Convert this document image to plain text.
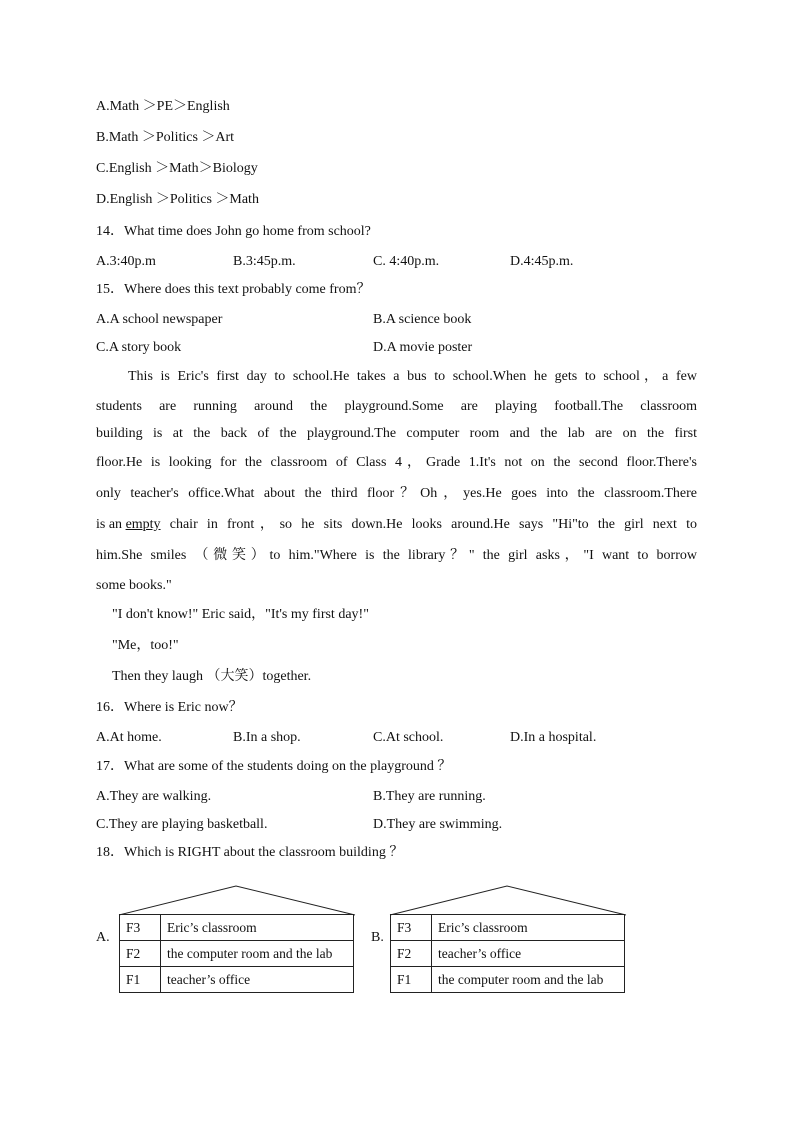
A.Math ＞PE＞English
B.Math ＞Politics ＞Art
C.English ＞Math＞Biology
D.English ＞Politics ＞Math
14．What time does John go home from school?
A.3:40p.m	B.3:45p.m.	C. 4:40p.m.	D.4:45p.m.
15．Where does this text probably come from？
A.A school newspaper	B.A science book
C.A story book	D.A movie poster
This is Eric's first day to school.He takes a bus to school.When he gets to school，a few
students are running around the playground.Some are playing football.The classroom
building is at the back of the playground.The computer room and the lab are on the first
floor.He is looking for the classroom of Class 4，Grade 1.It's not on the second floor.There's
only teacher's office.What about the third floor？Oh，yes.He goes into the classroom.There
is an empty chair in front，so he sits down.He looks around.He says "Hi"to the girl next to
him.She smiles （微笑）to him."Where is the library？" the girl asks，"I want to borrow
some books."
"I don't know!" Eric said，"It's my first day!"
"Me，too!"
Then they laugh （大笑）together.
16．Where is Eric now？
A.At home.	B.In a shop.	C.At school.	D.In a hospital.
17．What are some of the students doing on the playground ？
A.They are walking.	B.They are running.
C.They are playing basketball.	D.They are swimming.
18．Which is RIGHT about the classroom building ？
A.
F3	Eric’s classroom
F2	the computer room and the lab
F1	teacher’s office
B.
F3	Eric’s classroom
F2	teacher’s office
F1	the computer room and the lab
